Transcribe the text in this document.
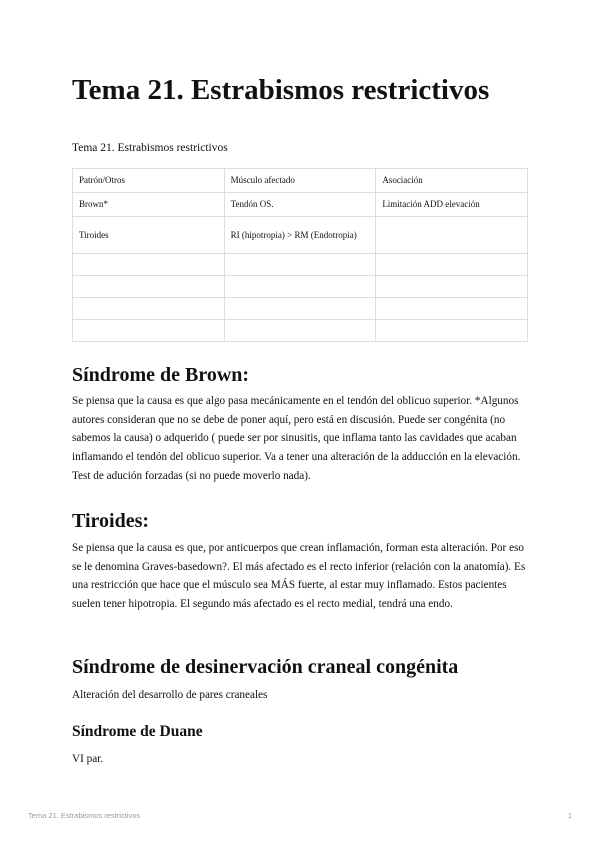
Tema 21. Estrabismos restrictivos
Tema 21. Estrabismos restrictivos
Patrón/Otros	Músculo afectado	Asociación
Brown*	Tendón OS.	Limitación ADD elevación
Tiroides	RI (hipotropia) > RM (Endotropia)	

Síndrome de Brown:
Se piensa que la causa es que algo pasa mecánicamente en el tendón del oblicuo superior. *Algunos autores consideran que no se debe de poner aquí, pero está en discusión. Puede ser congénita (no sabemos la causa) o adquerido ( puede ser por sinusitis, que inflama tanto las cavidades que acaban inflamando el tendón del oblicuo superior. Va a tener una alteración de la adducción en la elevación. Test de adución forzadas (si no puede moverlo nada).
Tiroides:
Se piensa que la causa es que, por anticuerpos que crean inflamación, forman esta alteración. Por eso se le denomina Graves-basedown?. El más afectado es el recto inferior (relación con la anatomía). Es una restricción que hace que el músculo sea MÁS fuerte, al estar muy inflamado. Estos pacientes suelen tener hipotropia. El segundo más afectado es el recto medial, tendrá una endo.
Síndrome de desinervación craneal congénita
Alteración del desarrollo de pares craneales
Síndrome de Duane
VI par.
Tema 21. Estrabismos restrictivos	1
